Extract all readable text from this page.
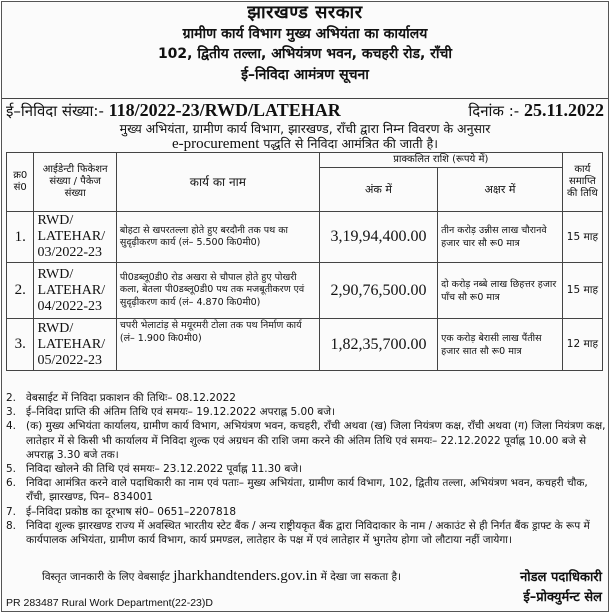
झारखण्ड सरकार
ग्रामीण कार्य विभाग मुख्य अभियंता का कार्यालय
102, द्वितीय तल्ला, अभियंत्रण भवन, कचहरी रोड, राँची
ई–निविदा आमंत्रण सूचना
ई–निविदा संख्या:- 118/2022-23/RWD/LATEHAR	दिनांक :- 25.11.2022
मुख्य अभियंता, ग्रामीण कार्य विभाग, झारखण्ड, राँची द्वारा निम्न विवरण के अनुसार
e-procurement पद्धति से निविदा आमंत्रित की जाती है।
क्र0 सं0	आईडेन्टी फिकेशन संख्या / पैकेज संख्या	कार्य का नाम	प्राक्कलित राशि (रूपये में)		कार्य समाप्ति की तिथि
			अंक में	अक्षर में	
1.	RWD/ LATEHAR/ 03/2022-23	बोहटा से खपरतल्ला होते हुए बरदौनी तक पथ का सुदृढ़ीकरण कार्य (लं– 5.500 कि0मी0)	3,19,94,400.00	तीन करोड़ उन्नीस लाख चौरानवे हजार चार सौ रू0 मात्र	15 माह
2.	RWD/ LATEHAR/ 04/2022-23	पी0डब्लू0डी0 रोड अखरा से चौपाल होते हुए पोखरी कला, बेतला पी0डब्लू0डी0 पथ तक मजबूतीकरण एवं सुदृढ़ीकरण कार्य (लं– 4.870 कि0मी0)	2,90,76,500.00	दो करोड़ नब्बे लाख छिहत्तर हजार पाँच सौ रू0 मात्र	15 माह
3.	RWD/ LATEHAR/ 05/2022-23	चपरी भेलाटांड़ से मयूरमरी टोला तक पथ निर्माण कार्य (लं– 1.900 कि0मी0)	1,82,35,700.00	एक करोड़ बेरासी लाख पैंतीस हजार सात सौ रू0 मात्र	12 माह
2. वेबसाईट में निविदा प्रकाशन की तिथिः– 08.12.2022
3. ई–निविदा प्राप्ति की अंतिम तिथि एवं समयः– 19.12.2022 अपराह्न 5.00 बजे।
4. (क) मुख्य अभियंता कार्यालय, ग्रामीण कार्य विभाग, अभियंत्रण भवन, कचहरी, राँची अथवा (ख) जिला नियंत्रण कक्ष, राँची अथवा (ग) जिला नियंत्रण कक्ष, लातेहार में से किसी भी कार्यालय में निविदा शुल्क एवं अग्रधन की राशि जमा करने की अंतिम तिथि एवं समयः– 22.12.2022 पूर्वाह्न 10.00 बजे से अपराह्न 3.30 बजे तक।
5. निविदा खोलने की तिथि एवं समयः– 23.12.2022 पूर्वाह्न 11.30 बजे।
6. निविदा आमंत्रित करने वाले पदाधिकारी का नाम एवं पताः– मुख्य अभियंता, ग्रामीण कार्य विभाग, 102, द्वितीय तल्ला, अभियंत्रण भवन, कचहरी चौक, राँची, झारखण्ड, पिन– 834001
7. ई–निविदा प्रकोष्ठ का दूरभाष सं0– 0651–2207818
8. निविदा शुल्क झारखण्ड राज्य में अवस्थित भारतीय स्टेट बैंक / अन्य राष्ट्रीयकृत बैंक द्वारा निविदाकार के नाम / अकाउंट से ही निर्गत बैंक ड्राफ्ट के रूप में कार्यपालक अभियंता, ग्रामीण कार्य विभाग, कार्य प्रमण्डल, लातेहार के पक्ष में एवं लातेहार में भुगतेय होगा जो लौटाया नहीं जायेगा।
विस्तृत जानकारी के लिए वेबसाईट jharkhandtenders.gov.in में देखा जा सकता है।	नोडल पदाधिकारी
ई–प्रोक्युर्मन्ट सेल
PR 283487 Rural Work Department(22-23)D
